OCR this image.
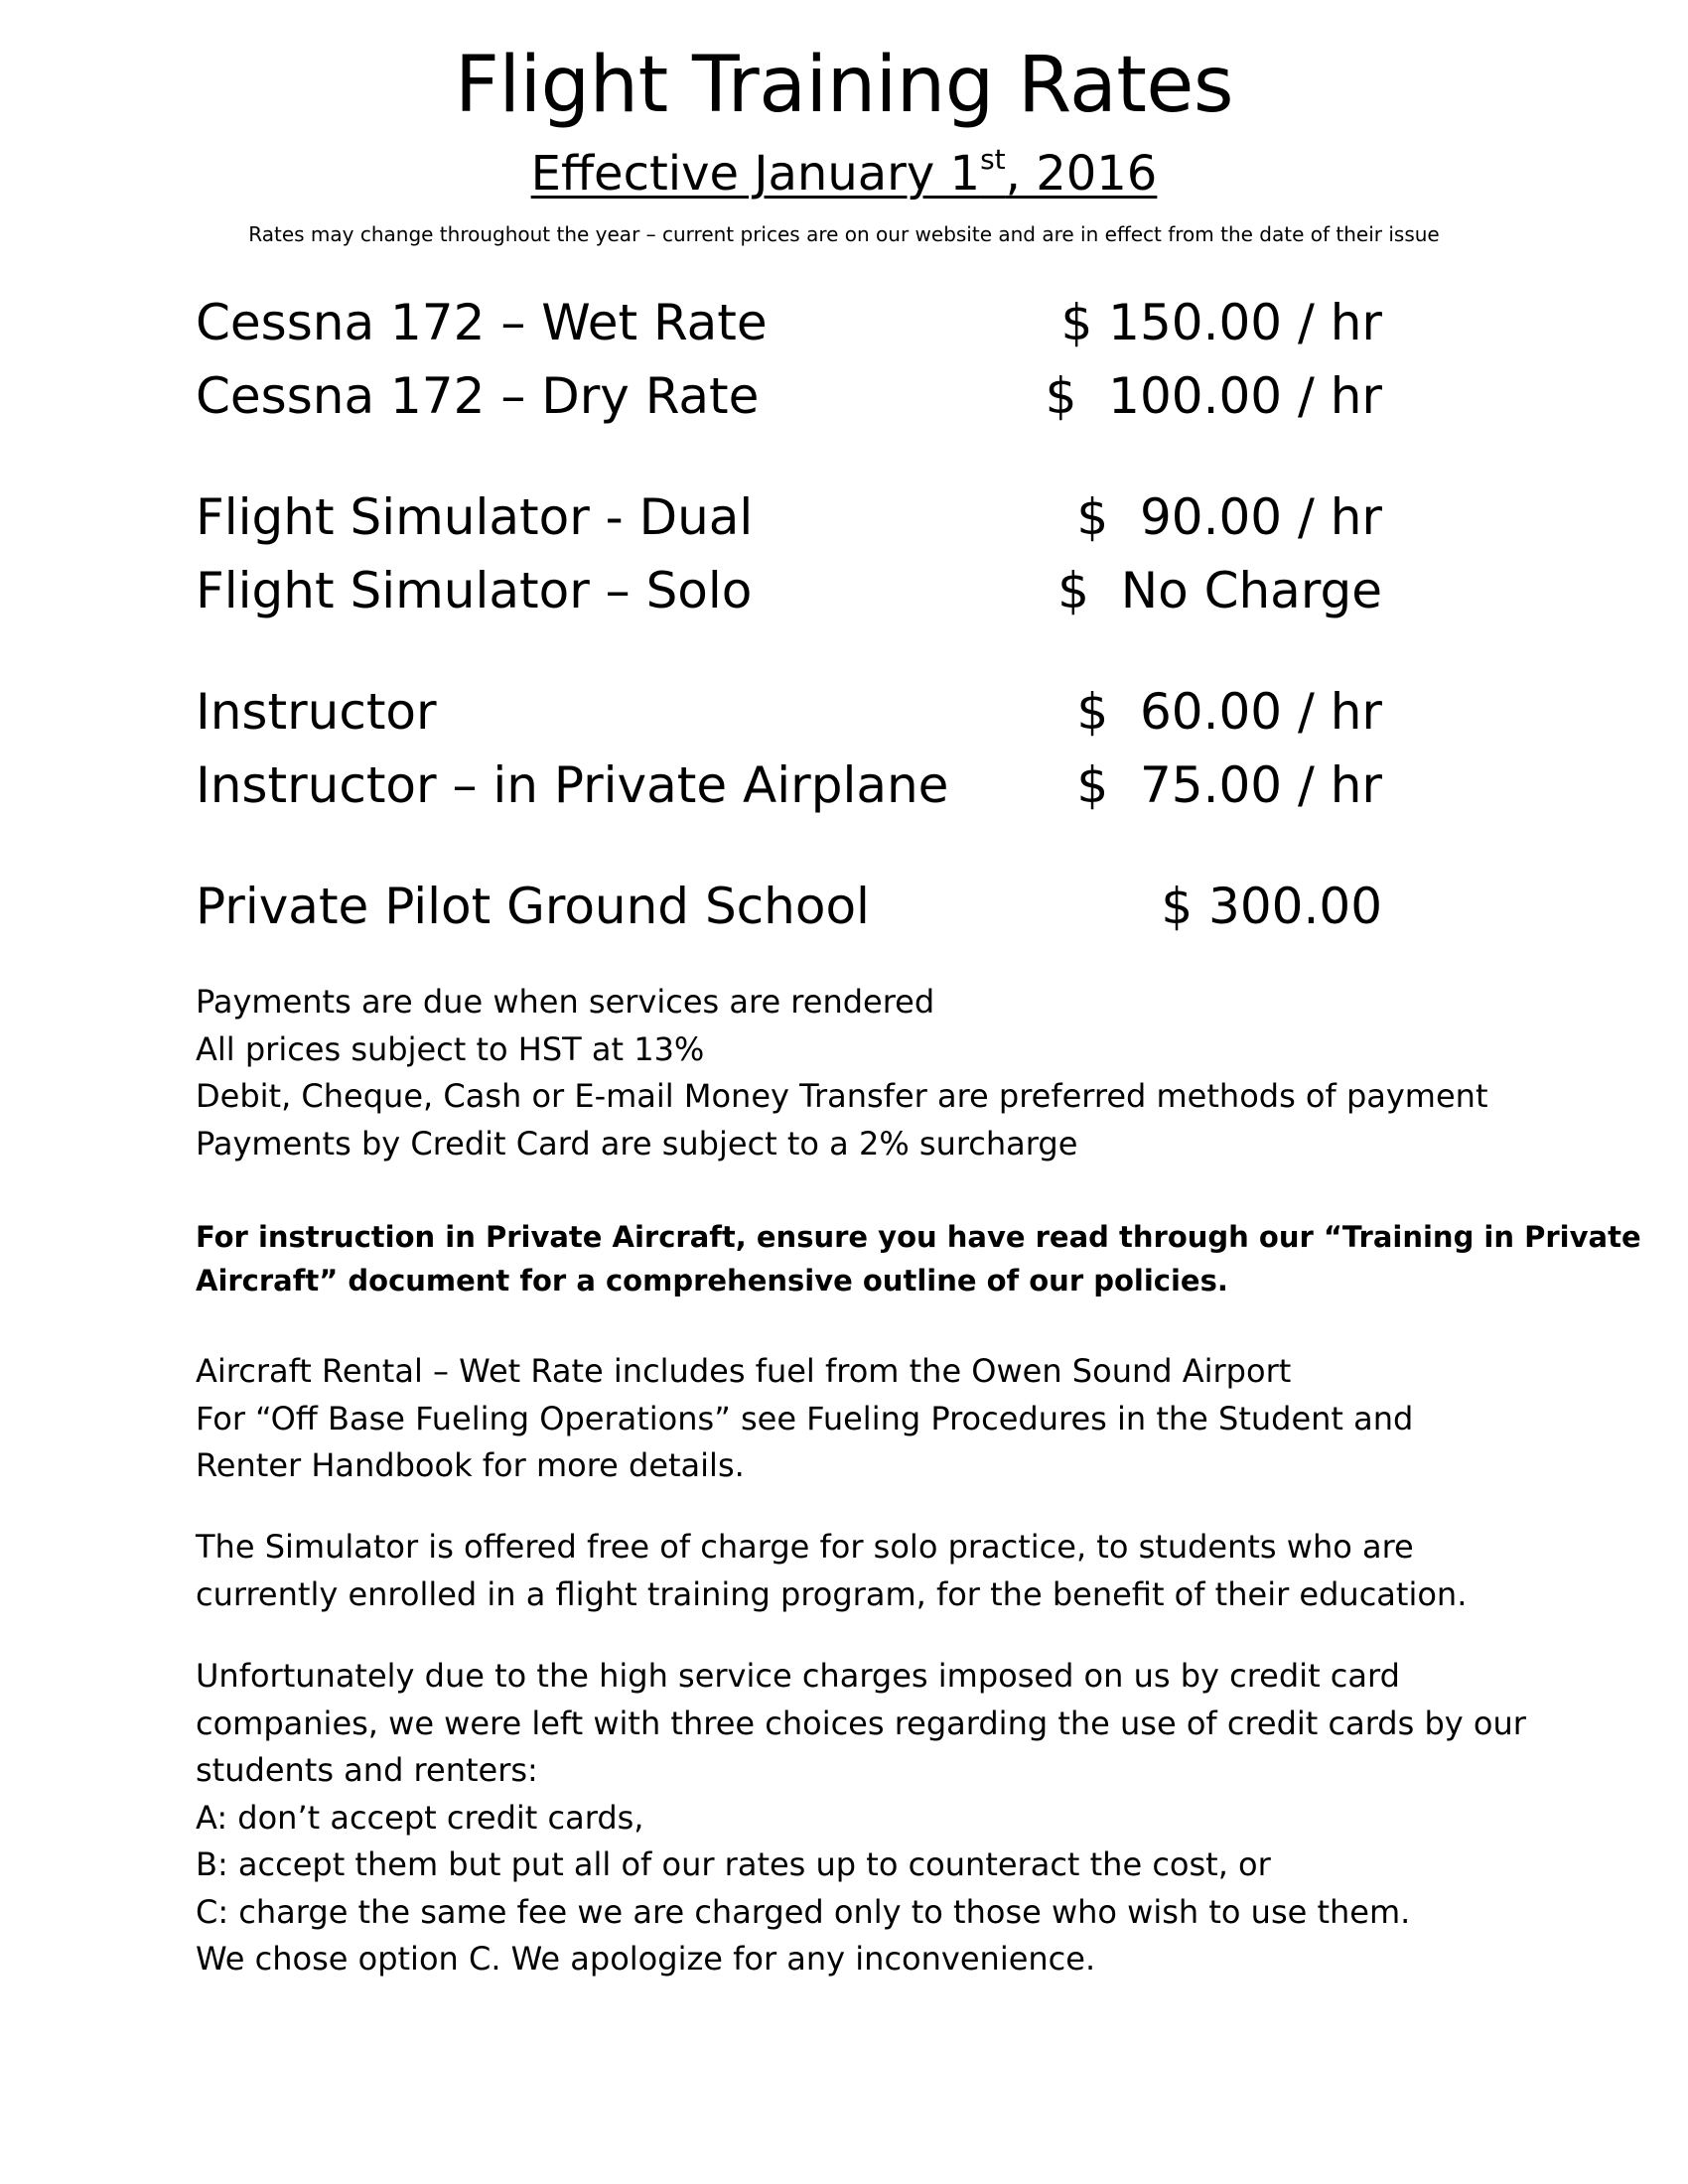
Flight Training Rates
Effective January 1st, 2016
Rates may change throughout the year – current prices are on our website and are in effect from the date of their issue
Cessna 172 – Wet Rate	$ 150.00 / hr
Cessna 172 – Dry Rate	$  100.00 / hr
Flight Simulator - Dual	$  90.00 / hr
Flight Simulator – Solo	$  No Charge
Instructor	$  60.00 / hr
Instructor – in Private Airplane	$  75.00 / hr
Private Pilot Ground School	$ 300.00
Payments are due when services are rendered
All prices subject to HST at 13%
Debit, Cheque, Cash or E-mail Money Transfer are preferred methods of payment
Payments by Credit Card are subject to a 2% surcharge
For instruction in Private Aircraft, ensure you have read through our “Training in Private
Aircraft” document for a comprehensive outline of our policies.
Aircraft Rental – Wet Rate includes fuel from the Owen Sound Airport
For “Off Base Fueling Operations” see Fueling Procedures in the Student and
Renter Handbook for more details.
The Simulator is offered free of charge for solo practice, to students who are
currently enrolled in a flight training program, for the benefit of their education.
Unfortunately due to the high service charges imposed on us by credit card
companies, we were left with three choices regarding the use of credit cards by our
students and renters:
A: don’t accept credit cards,
B: accept them but put all of our rates up to counteract the cost, or
C: charge the same fee we are charged only to those who wish to use them.
We chose option C. We apologize for any inconvenience.
